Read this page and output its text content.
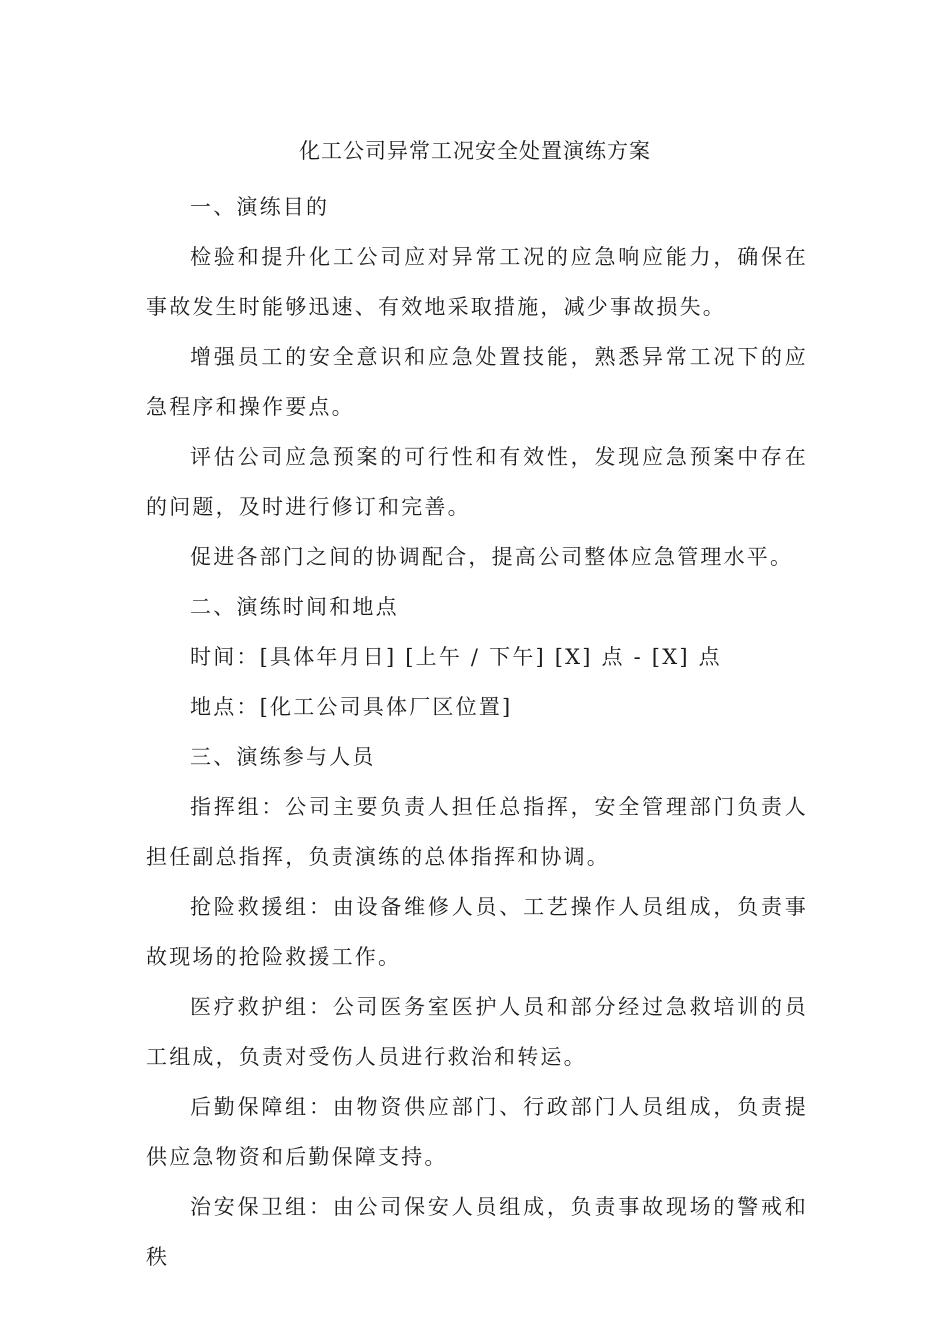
化工公司异常工况安全处置演练方案
一、演练目的

检验和提升化工公司应对异常工况的应急响应能力，确保在事故发生时能够迅速、有效地采取措施，减少事故损失。

增强员工的安全意识和应急处置技能，熟悉异常工况下的应急程序和操作要点。

评估公司应急预案的可行性和有效性，发现应急预案中存在的问题，及时进行修订和完善。

促进各部门之间的协调配合，提高公司整体应急管理水平。

二、演练时间和地点

时间：[具体年月日] [上午 / 下午] [X] 点 - [X] 点

地点：[化工公司具体厂区位置]

三、演练参与人员

指挥组：公司主要负责人担任总指挥，安全管理部门负责人担任副总指挥，负责演练的总体指挥和协调。

抢险救援组：由设备维修人员、工艺操作人员组成，负责事故现场的抢险救援工作。

医疗救护组：公司医务室医护人员和部分经过急救培训的员工组成，负责对受伤人员进行救治和转运。

后勤保障组：由物资供应部门、行政部门人员组成，负责提供应急物资和后勤保障支持。

治安保卫组：由公司保安人员组成，负责事故现场的警戒和秩
